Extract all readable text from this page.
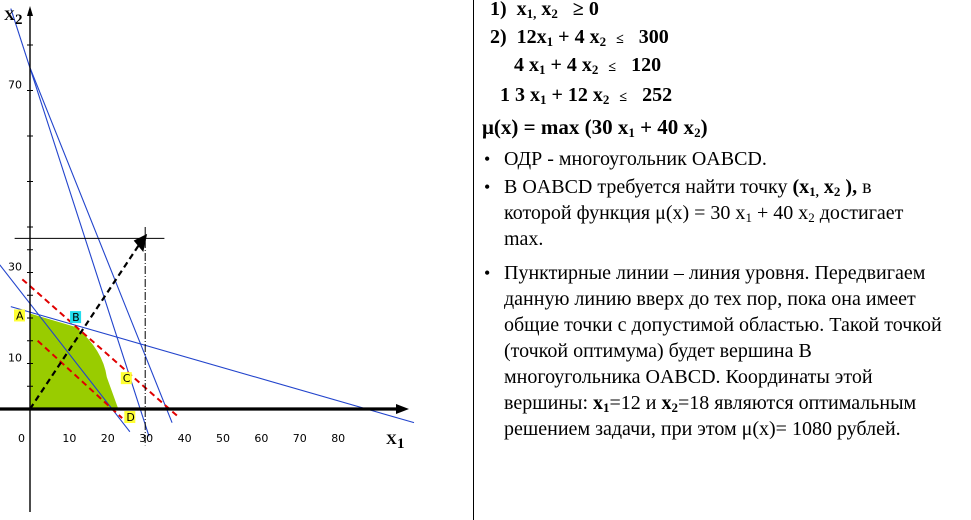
0	10 20 30 40 50 60 70 80
10
30
70
X 1
X 2
A	B
C
D
1) $x_{1,}$ $x_2 \ge 0$
2) $12x_1 + 4$ $x_2 \le 300$
4 $x_1 + 4$ $x_2 \le 120$
1 3 $x_1 + 12$ $x_2 \le 252$
μ(x) = max (30 $x_1 + 40$ $x_2$)
• ОДР - многоугольник OABCD.
• В OABCD требуется найти точку ($x_{1,}$ $x_2$ ), в которой функция μ(x) = 30 $x_1 + 40$ $x_2$ достигает max.
• Пунктирные линии – линия уровня. Передвигаем данную линию вверх до тех пор, пока она имеет общие точки с допустимой областью. Такой точкой (точкой оптимума) будет вершина B многоугольника OABCD. Координаты этой вершины: $x_1=12$ и $x_2=18$ являются оптимальным решением задачи, при этом μ(x)= 1080 рублей.
